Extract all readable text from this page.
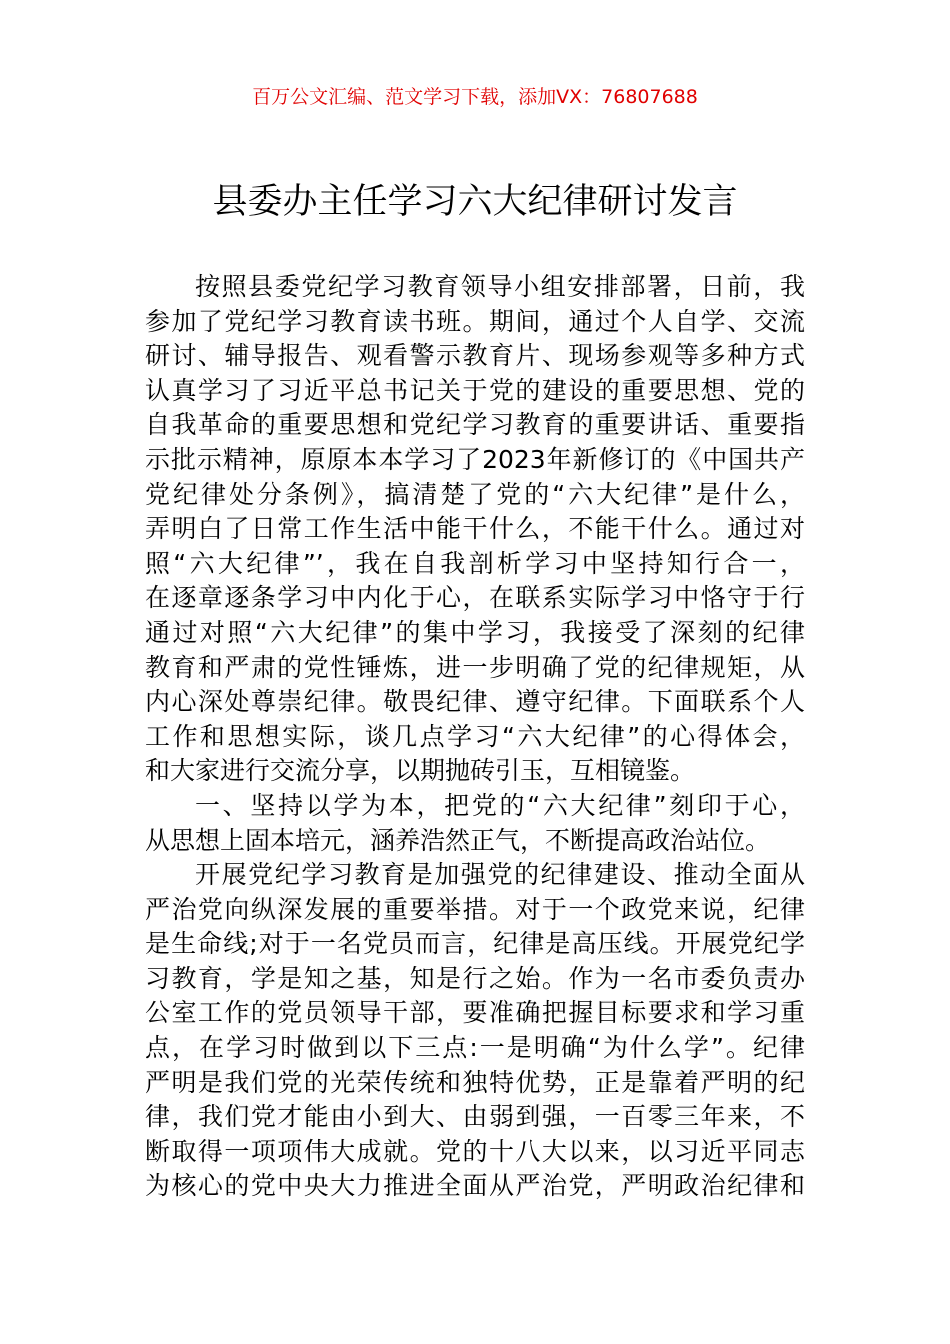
百万公文汇编、范文学习下载，添加VX：76807688
县委办主任学习六大纪律研讨发言
按照县委党纪学习教育领导小组安排部署，日前，我
参加了党纪学习教育读书班。期间，通过个人自学、交流
研讨、辅导报告、观看警示教育片、现场参观等多种方式
认真学习了习近平总书记关于党的建设的重要思想、党的
自我革命的重要思想和党纪学习教育的重要讲话、重要指
示批示精神，原原本本学习了2023年新修订的《中国共产
党纪律处分条例》，搞清楚了党的“六大纪律”是什么，
弄明白了日常工作生活中能干什么，不能干什么。通过对
照“六大纪律”’，我在自我剖析学习中坚持知行合一，
在逐章逐条学习中内化于心，在联系实际学习中恪守于行
通过对照“六大纪律”的集中学习，我接受了深刻的纪律
教育和严肃的党性锤炼，进一步明确了党的纪律规矩，从
内心深处尊崇纪律。敬畏纪律、遵守纪律。下面联系个人
工作和思想实际，谈几点学习“六大纪律”的心得体会，
和大家进行交流分享，以期抛砖引玉，互相镜鉴。
一、坚持以学为本，把党的“六大纪律”刻印于心，
从思想上固本培元，涵养浩然正气，不断提高政治站位。
开展党纪学习教育是加强党的纪律建设、推动全面从
严治党向纵深发展的重要举措。对于一个政党来说，纪律
是生命线;对于一名党员而言，纪律是高压线。开展党纪学
习教育，学是知之基，知是行之始。作为一名市委负责办
公室工作的党员领导干部，要准确把握目标要求和学习重
点，在学习时做到以下三点:一是明确“为什么学”。纪律
严明是我们党的光荣传统和独特优势，正是靠着严明的纪
律，我们党才能由小到大、由弱到强，一百零三年来，不
断取得一项项伟大成就。党的十八大以来，以习近平同志
为核心的党中央大力推进全面从严治党，严明政治纪律和
